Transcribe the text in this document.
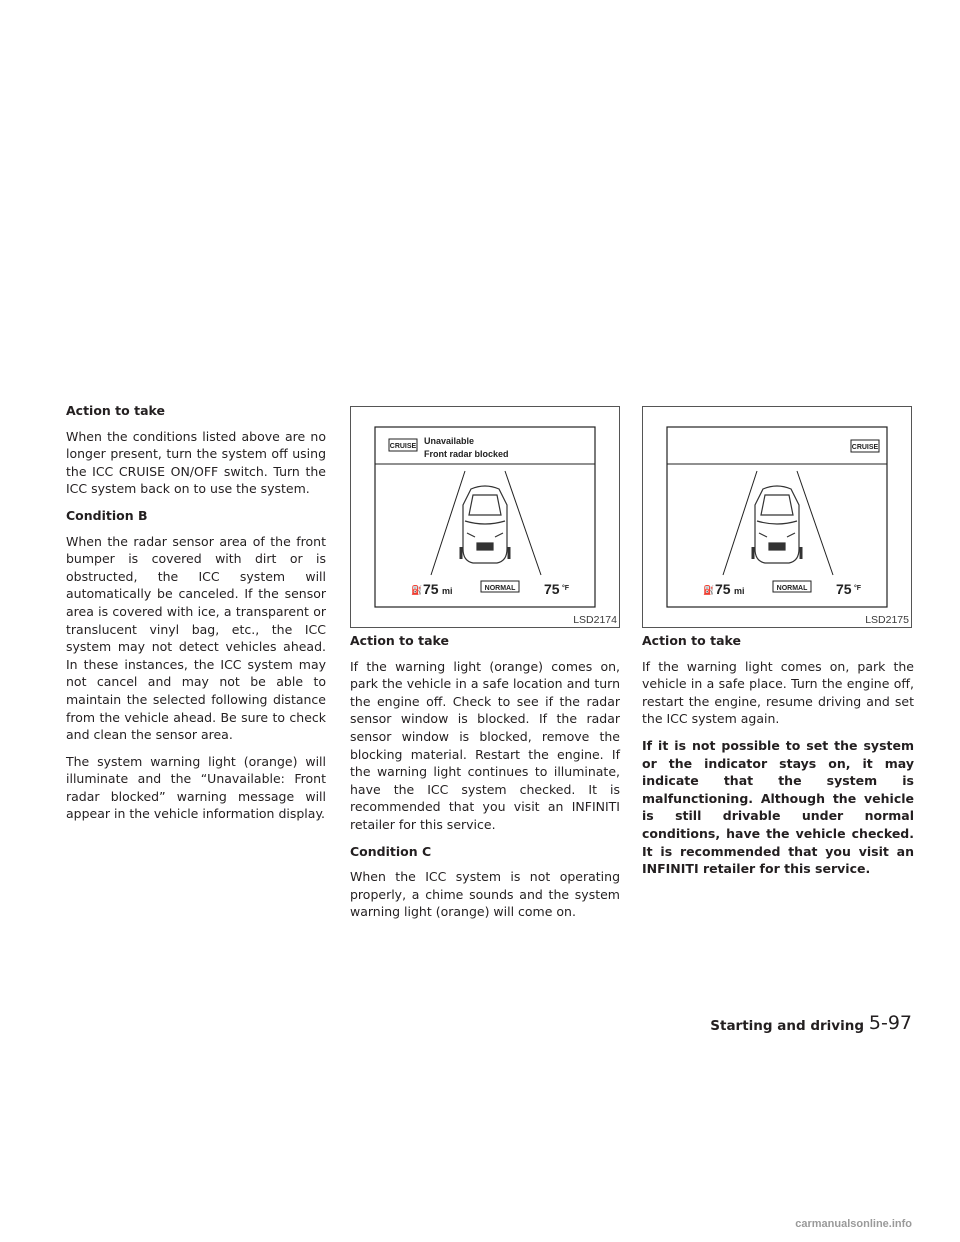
Action to take

When the conditions listed above are no longer present, turn the system off using the ICC CRUISE ON/OFF switch. Turn the ICC system back on to use the system.

Condition B

When the radar sensor area of the front bumper is covered with dirt or is obstructed, the ICC system will automatically be canceled. If the sensor area is covered with ice, a transparent or translucent vinyl bag, etc., the ICC system may not detect vehicles ahead. In these instances, the ICC system may not cancel and may not be able to maintain the selected following distance from the vehicle ahead. Be sure to check and clean the sensor area.

The system warning light (orange) will illuminate and the “Unavailable: Front radar blocked” warning message will appear in the vehicle information display.

CRUISE
Unavailable
Front radar blocked
⛽ 75 mi	NORMAL 75 °F
LSD2174
CRUISE
⛽ 75 mi	NORMAL 75 °F
LSD2175
Action to take

If the warning light (orange) comes on, park the vehicle in a safe location and turn the engine off. Check to see if the radar sensor window is blocked. If the radar sensor window is blocked, remove the blocking material. Restart the engine. If the warning light continues to illuminate, have the ICC system checked. It is recommended that you visit an INFINITI retailer for this service.

Condition C

When the ICC system is not operating properly, a chime sounds and the system warning light (orange) will come on.

Action to take

If the warning light comes on, park the vehicle in a safe place. Turn the engine off, restart the engine, resume driving and set the ICC system again.

If it is not possible to set the system or the indicator stays on, it may indicate that the system is malfunctioning. Although the vehicle is still drivable under normal conditions, have the vehicle checked. It is recommended that you visit an INFINITI retailer for this service.

Starting and driving 5-97
carmanualsonline.info
